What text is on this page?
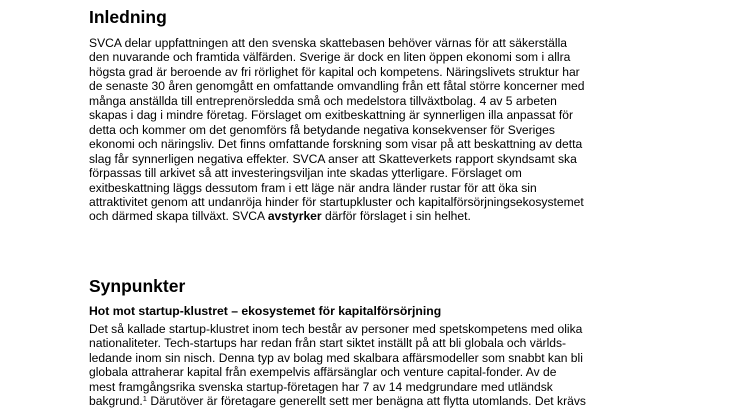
Inledning
SVCA delar uppfattningen att den svenska skattebasen behöver värnas för att säkerställa
den nuvarande och framtida välfärden. Sverige är dock en liten öppen ekonomi som i allra
högsta grad är beroende av fri rörlighet för kapital och kompetens. Näringslivets struktur har
de senaste 30 åren genomgått en omfattande omvandling från ett fåtal större koncerner med
många anställda till entreprenörsledda små och medelstora tillväxtbolag. 4 av 5 arbeten
skapas i dag i mindre företag. Förslaget om exitbeskattning är synnerligen illa anpassat för
detta och kommer om det genomförs få betydande negativa konsekvenser för Sveriges
ekonomi och näringsliv. Det finns omfattande forskning som visar på att beskattning av detta
slag får synnerligen negativa effekter. SVCA anser att Skatteverkets rapport skyndsamt ska
förpassas till arkivet så att investeringsviljan inte skadas ytterligare. Förslaget om
exitbeskattning läggs dessutom fram i ett läge när andra länder rustar för att öka sin
attraktivitet genom att undanröja hinder för startupkluster och kapitalförsörjningsekosystemet
och därmed skapa tillväxt. SVCA avstyrker därför förslaget i sin helhet.
Synpunkter
Hot mot startup-klustret – ekosystemet för kapitalförsörjning
Det så kallade startup-klustret inom tech består av personer med spetskompetens med olika
nationaliteter. Tech-startups har redan från start siktet inställt på att bli globala och världs-
ledande inom sin nisch. Denna typ av bolag med skalbara affärsmodeller som snabbt kan bli
globala attraherar kapital från exempelvis affärsänglar och venture capital-fonder. Av de
mest framgångsrika svenska startup-företagen har 7 av 14 medgrundare med utländsk
bakgrund.$^1$ Därutöver är företagare generellt sett mer benägna att flytta utomlands. Det krävs
